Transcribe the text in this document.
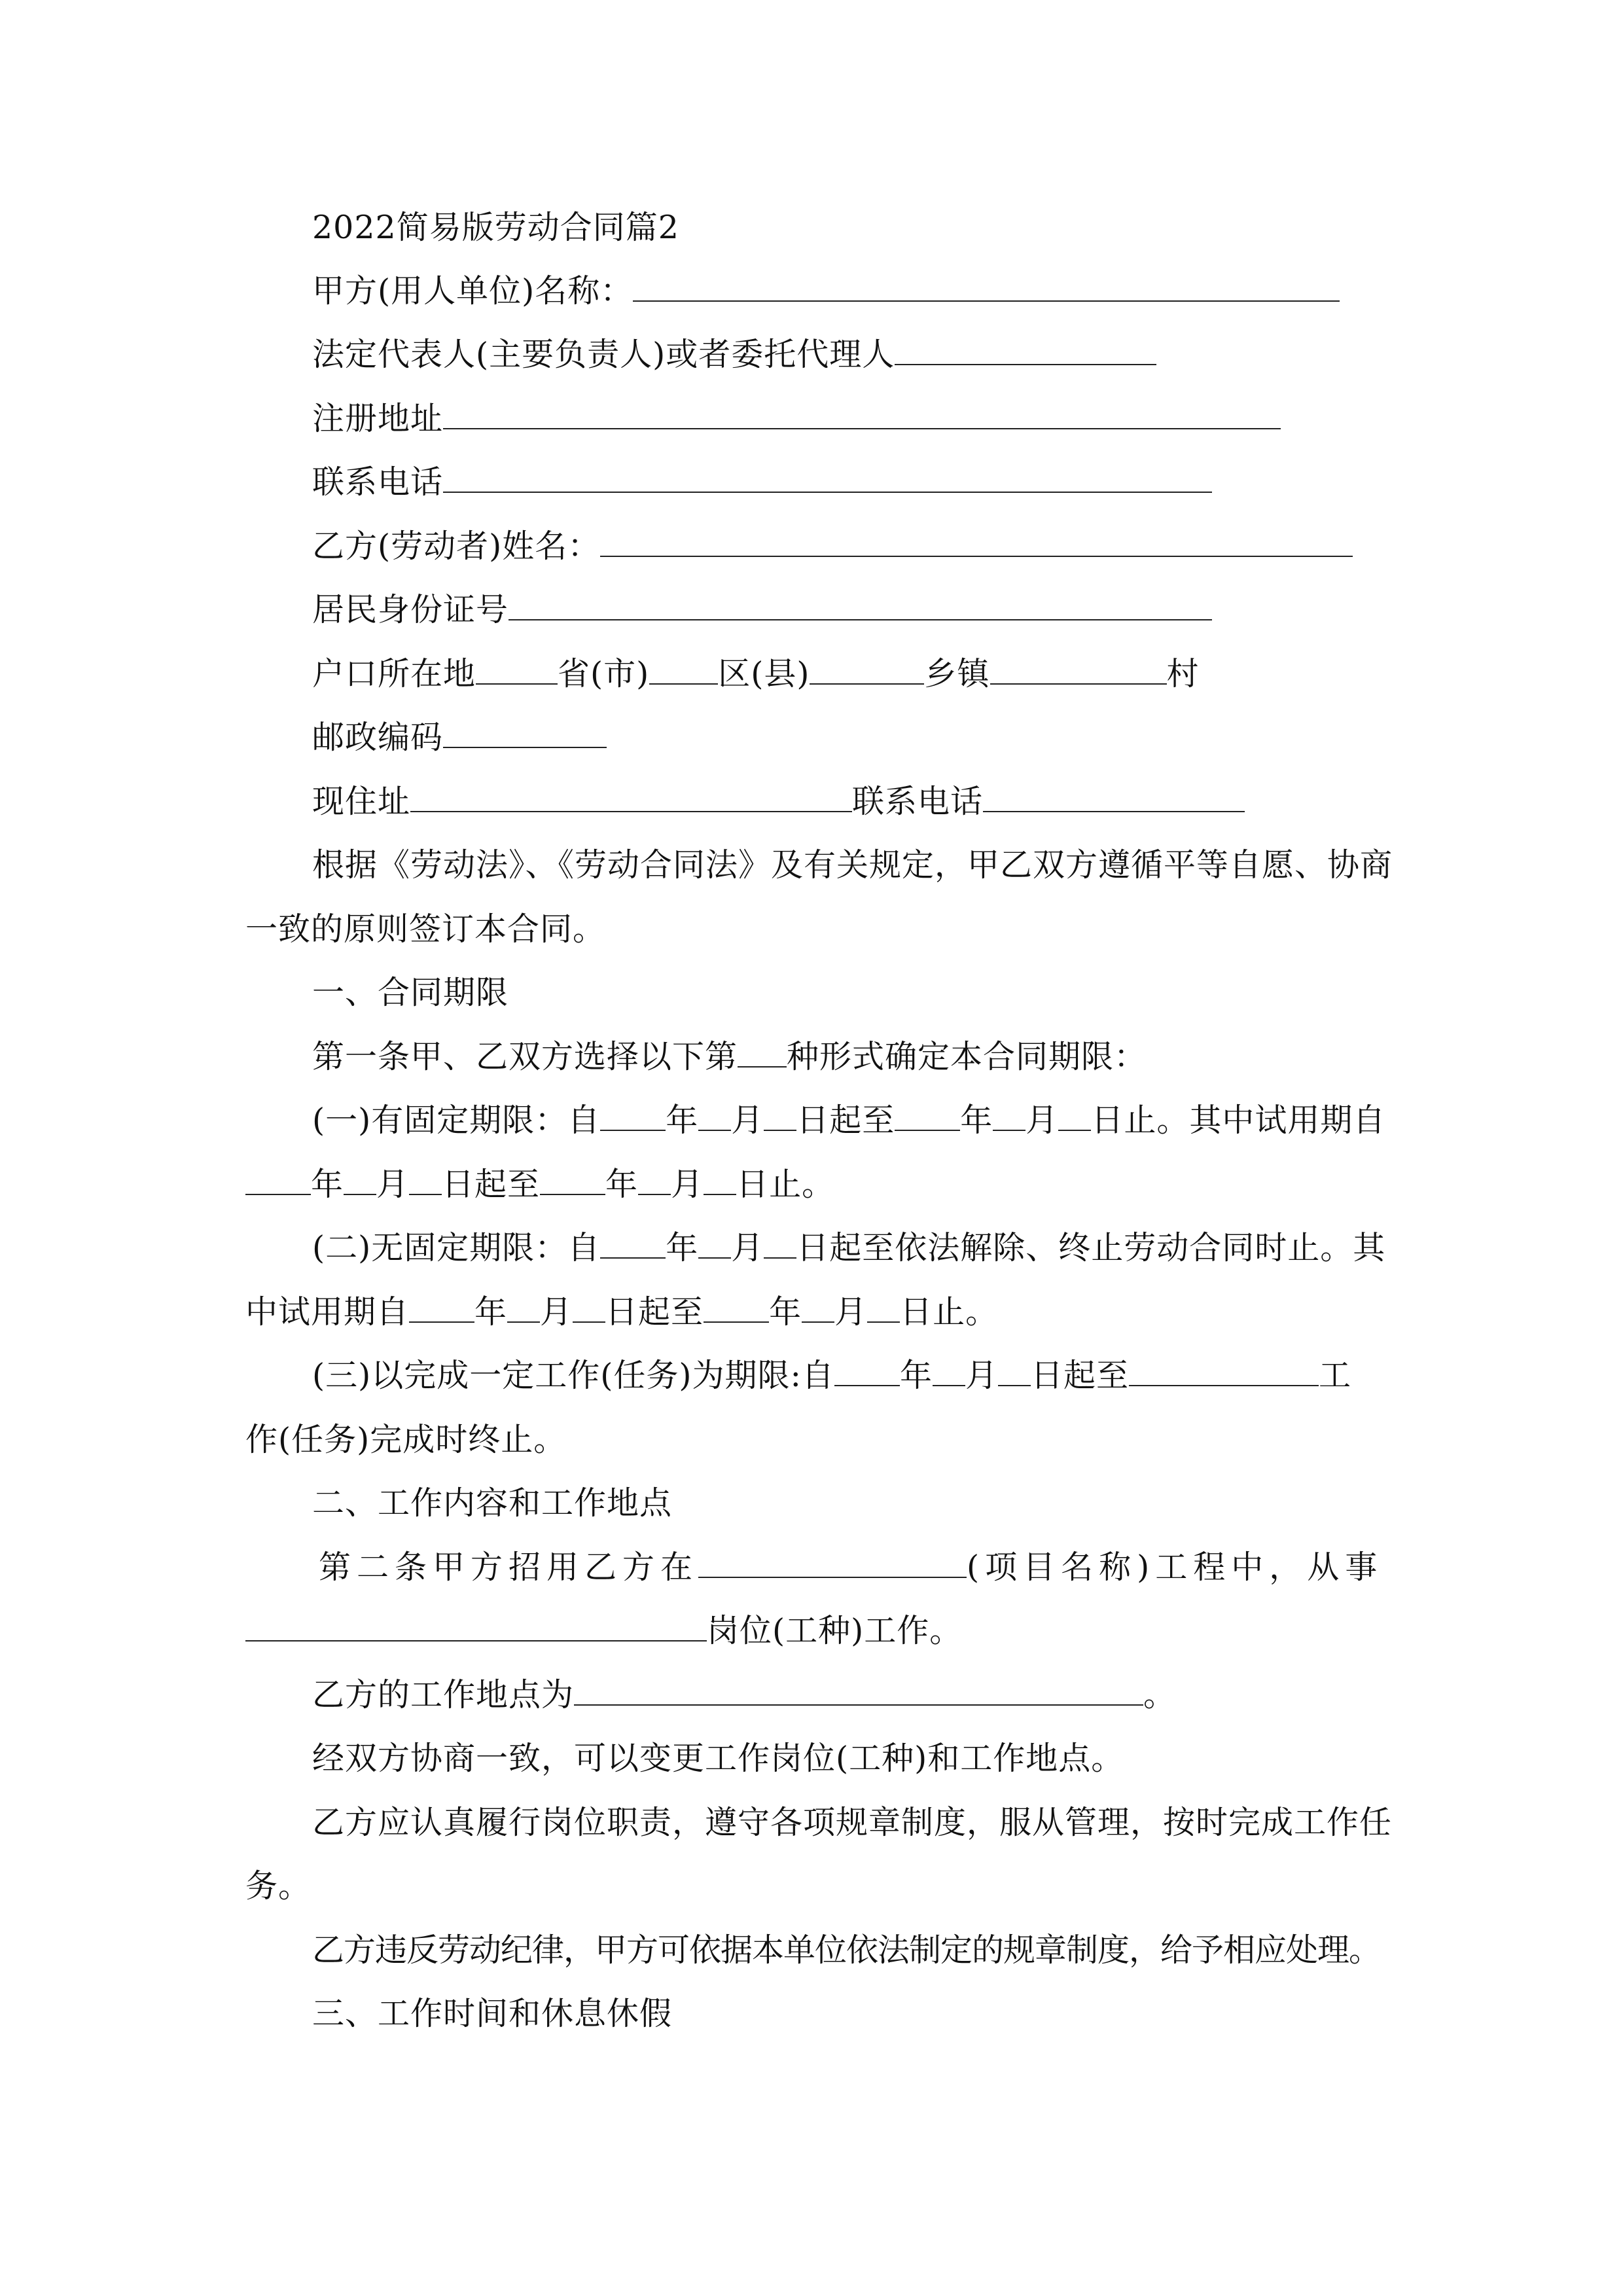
2022简易版劳动合同篇2
甲方(用人单位)名称：
法定代表人(主要负责人)或者委托代理人
注册地址
联系电话
乙方(劳动者)姓名：
居民身份证号
户口所在地	省(市) 区(县)	乡镇	村
邮政编码
现住址	联系电话
根据《劳动法》、《劳动合同法》及有关规定，甲乙双方遵循平等自愿、协商
一致的原则签订本合同。
一、合同期限
第一条甲、乙双方选择以下第 种形式确定本合同期限：
(一)有固定期限：自 年 月 日起至 年 月 日止。其中试用期自
年 月 日起至 年 月 日止。
(二)无固定期限：自 年 月 日起至依法解除、终止劳动合同时止。其
中试用期自 年 月 日起至 年 月 日止。
(三)以完成一定工作(任务)为期限:自 年 月 日起至	工
作(任务)完成时终止。
二、工作内容和工作地点
第二条甲方招用乙方在	(项目名称)工程中，从事
岗位(工种)工作。
乙方的工作地点为	。
经双方协商一致，可以变更工作岗位(工种)和工作地点。
乙方应认真履行岗位职责，遵守各项规章制度，服从管理，按时完成工作任
务。
乙方违反劳动纪律，甲方可依据本单位依法制定的规章制度，给予相应处理。
三、工作时间和休息休假
